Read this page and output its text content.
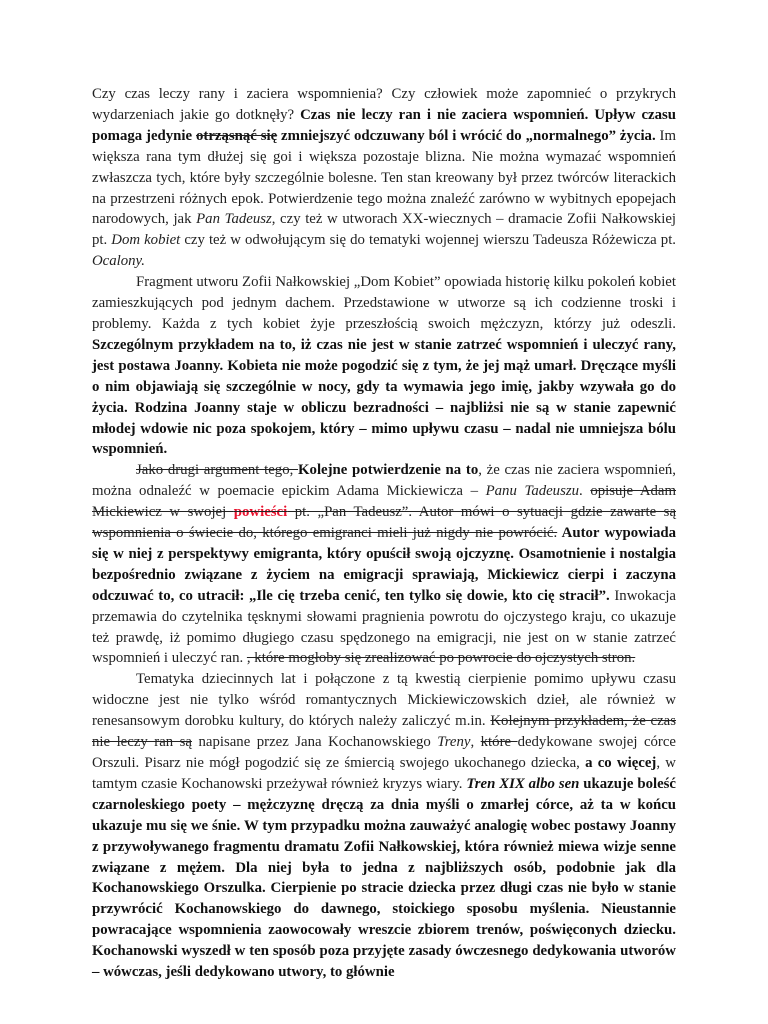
Czy czas leczy rany i zaciera wspomnienia? Czy człowiek może zapomnieć o przykrych wydarzeniach jakie go dotknęły? Czas nie leczy ran i nie zaciera wspomnień. Upływ czasu pomaga jedynie otrząsnąć się zmniejszyć odczuwany ból i wrócić do „normalnego” życia. Im większa rana tym dłużej się goi i większa pozostaje blizna. Nie można wymazać wspomnień zwłaszcza tych, które były szczególnie bolesne. Ten stan kreowany był przez twórców literackich na przestrzeni różnych epok. Potwierdzenie tego można znaleźć zarówno w wybitnych epopejach narodowych, jak Pan Tadeusz, czy też w utworach XX-wiecznych – dramacie Zofii Nałkowskiej pt. Dom kobiet czy też w odwołującym się do tematyki wojennej wierszu Tadeusza Różewicza pt. Ocalony.

Fragment utworu Zofii Nałkowskiej „Dom Kobiet” opowiada historię kilku pokoleń kobiet zamieszkujących pod jednym dachem. Przedstawione w utworze są ich codzienne troski i problemy. Każda z tych kobiet żyje przeszłością swoich mężczyzn, którzy już odeszli. Szczególnym przykładem na to, iż czas nie jest w stanie zatrzeć wspomnień i uleczyć rany, jest postawa Joanny. Kobieta nie może pogodzić się z tym, że jej mąż umarł. Dręczące myśli o nim objawiają się szczególnie w nocy, gdy ta wymawia jego imię, jakby wzywała go do życia. Rodzina Joanny staje w obliczu bezradności – najbliżsi nie są w stanie zapewnić młodej wdowie nic poza spokojem, który – mimo upływu czasu – nadal nie umniejsza bólu wspomnień.

Jako drugi argument tego, Kolejne potwierdzenie na to, że czas nie zaciera wspomnień, można odnaleźć w poemacie epickim Adama Mickiewicza – Panu Tadeuszu. opisuje Adam Mickiewicz w swojej powieści pt. „Pan Tadeusz”. Autor mówi o sytuacji gdzie zawarte są wspomnienia o świecie do, którego emigranci mieli już nigdy nie powrócić. Autor wypowiada się w niej z perspektywy emigranta, który opuścił swoją ojczyznę. Osamotnienie i nostalgia bezpośrednio związane z życiem na emigracji sprawiają, Mickiewicz cierpi i zaczyna odczuwać to, co utracił: „Ile cię trzeba cenić, ten tylko się dowie, kto cię stracił”. Inwokacja przemawia do czytelnika tęsknymi słowami pragnienia powrotu do ojczystego kraju, co ukazuje też prawdę, iż pomimo długiego czasu spędzonego na emigracji, nie jest on w stanie zatrzeć wspomnień i uleczyć ran. , które mogłoby się zrealizować po powrocie do ojczystych stron.

Tematyka dziecinnych lat i połączone z tą kwestią cierpienie pomimo upływu czasu widoczne jest nie tylko wśród romantycznych Mickiewiczowskich dzieł, ale również w renesansowym dorobku kultury, do których należy zaliczyć m.in. Kolejnym przykładem, że czas nie leczy ran są napisane przez Jana Kochanowskiego Treny, które dedykowane swojej córce Orszuli. Pisarz nie mógł pogodzić się ze śmiercią swojego ukochanego dziecka, a co więcej, w tamtym czasie Kochanowski przeżywał również kryzys wiary. Tren XIX albo sen ukazuje boleść czarnoleskiego poety – mężczyznę dręczą za dnia myśli o zmarłej córce, aż ta w końcu ukazuje mu się we śnie. W tym przypadku można zauważyć analogię wobec postawy Joanny z przywoływanego fragmentu dramatu Zofii Nałkowskiej, która również miewa wizje senne związane z mężem. Dla niej była to jedna z najbliższych osób, podobnie jak dla Kochanowskiego Orszulka. Cierpienie po stracie dziecka przez długi czas nie było w stanie przywrócić Kochanowskiego do dawnego, stoickiego sposobu myślenia. Nieustannie powracające wspomnienia zaowocowały wreszcie zbiorem trenów, poświęconych dziecku. Kochanowski wyszedł w ten sposób poza przyjęte zasady ówczesnego dedykowania utworów – wówczas, jeśli dedykowano utwory, to głównie
